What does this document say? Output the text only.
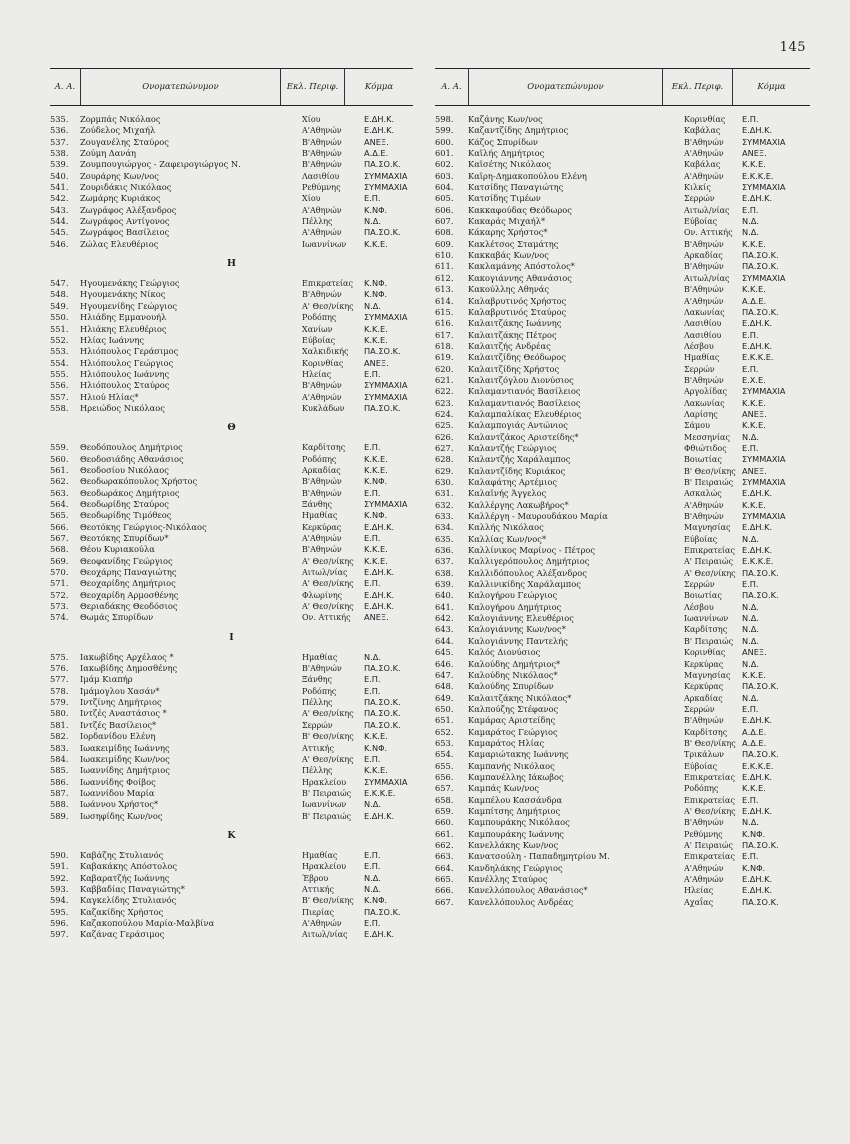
145
Α. Α.	Ονοματεπώνυμον	Εκλ. Περιφ.	Κόμμα
535.	Ζορμπάς Νικόλαος	Χίου	Ε.ΔΗ.Κ.
536.	Ζούδελος Μιχαήλ	Α'Αθηνών	Ε.ΔΗ.Κ.
537.	Ζουγανέλης Σταύρος	Β'Αθηνών	ΑΝΕΞ.
538.	Ζούμη Δανάη	Β'Αθηνών	Α.Δ.Ε.
539.	Ζουμπουγιώργος - Ζαφειρογιώργος Ν.	Β'Αθηνών	ΠΑ.ΣΟ.Κ.
540.	Ζουράρης Κων/νος	Λασιθίου	ΣΥΜΜΑΧΙΑ
541.	Ζουριδάκις Νικόλαος	Ρεθύμνης	ΣΥΜΜΑΧΙΑ
542.	Ζωμάρης Κυριάκος	Χίου	Ε.Π.
543.	Ζωγράφος Αλέξανδρος	Α'Αθηνών	Κ.ΝΦ.
544.	Ζωγράφος Αντίγονος	Πέλλης	Ν.Δ.
545.	Ζωγράφος Βασίλειος	Α'Αθηνών	ΠΑ.ΣΟ.Κ.
546.	Ζώλας Ελευθέριος	Ιωαννίνων	Κ.Κ.Ε.
Η
547.	Ηγουμενάκης Γεώργιος	Επικρατείας	Κ.ΝΦ.
548.	Ηγουμενάκης Νίκος	Β'Αθηνών	Κ.ΝΦ.
549.	Ηγουμενίδης Γεώργιος	Α' Θεσ/νίκης	Ν.Δ.
550.	Ηλιάδης Εμμανουήλ	Ροδόπης	ΣΥΜΜΑΧΙΑ
551.	Ηλιάκης Ελευθέριος	Χανίων	Κ.Κ.Ε.
552.	Ηλίας Ιωάννης	Εύβοίας	Κ.Κ.Ε.
553.	Ηλιόπουλος Γεράσιμος	Χαλκιδικής	ΠΑ.ΣΟ.Κ.
554.	Ηλιόπουλος Γεώργιος	Κορινθίας	ΑΝΕΞ.
555.	Ηλιόπουλος Ιωάννης	Ηλείας	Ε.Π.
556.	Ηλιόπουλος Σταύρος	Β'Αθηνών	ΣΥΜΜΑΧΙΑ
557.	Ηλιού Ηλίας*	Α'Αθηνών	ΣΥΜΜΑΧΙΑ
558.	Ηρειώδος Νικόλαος	Κυκλάδων	ΠΑ.ΣΟ.Κ.
Θ
559.	Θεοδόπουλος Δημήτριος	Καρδίτσης	Ε.Π.
560.	Θεοδοσιάδης Αθανάσιος	Ροδόπης	Κ.Κ.Ε.
561.	Θεοδοσίου Νικόλαος	Αρκαδίας	Κ.Κ.Ε.
562.	Θεοδωρακόπουλος Χρήστος	Β'Αθηνών	Κ.ΝΦ.
563.	Θεοδωράκος Δημήτριος	Β'Αθηνών	Ε.Π.
564.	Θεοδωρίδης Σταύρος	Ξάνθης	ΣΥΜΜΑΧΙΑ
565.	Θεοδωρίδης Τιμόθεος	Ημαθίας	Κ.ΝΦ.
566.	Θεοτόκης Γεώργιος-Νικόλαος	Κερκύρας	Ε.ΔΗ.Κ.
567.	Θεοτόκης Σπυρίδων*	Α'Αθηνών	Ε.Π.
568.	Θέου Κυριακούλα	Β'Αθηνών	Κ.Κ.Ε.
569.	Θεοφανίδης Γεώργιος	Α' Θεσ/νίκης	Κ.Κ.Ε.
570.	Θεοχάρης Παναγιώτης	Αιτωλ/νίας	Ε.ΔΗ.Κ.
571.	Θεοχαρίδης Δημήτριος	Α' Θεσ/νίκης	Ε.Π.
572.	Θεοχαρίδη Αρμοσθένης	Φλωρίνης	Ε.ΔΗ.Κ.
573.	Θεριαδάκης Θεοδόσιος	Α' Θεσ/νίκης	Ε.ΔΗ.Κ.
574.	Θωμάς Σπυρίδων	Ον. Αττικής	ΑΝΕΞ.
Ι
575.	Ιακωβίδης Αρχέλαος *	Ημαθίας	Ν.Δ.
576.	Ιακωβίδης Δημοσθένης	Β'Αθηνών	ΠΑ.ΣΟ.Κ.
577.	Ιμάμ Κιαπήρ	Ξάνθης	Ε.Π.
578.	Ιμάμογλου Χασάν*	Ροδόπης	Ε.Π.
579.	Ιντζίνης Δημήτριος	Πέλλης	ΠΑ.ΣΟ.Κ.
580.	Ιντζές Αναστάσιος *	Α' Θεσ/νίκης	ΠΑ.ΣΟ.Κ.
581.	Ιντζές Βασίλειος*	Σερρών	ΠΑ.ΣΟ.Κ.
582.	Ιορδανίδου Ελένη	Β' Θεσ/νίκης	Κ.Κ.Ε.
583.	Ιωακειμίδης Ιωάννης	Αττικής	Κ.ΝΦ.
584.	Ιωακειμίδης Κων/νος	Α' Θεσ/νίκης	Ε.Π.
585.	Ιωαννίδης Δημήτριος	Πέλλης	Κ.Κ.Ε.
586.	Ιωαννίδης Φοίβος	Ηρακλείου	ΣΥΜΜΑΧΙΑ
587.	Ιωαννίδου Μαρία	Β' Πειραιώς	Ε.Κ.Κ.Ε.
588.	Ιωάννου Χρήστος*	Ιωαννίνων	Ν.Δ.
589.	Ιωσηφίδης Κων/νος	Β' Πειραιώς	Ε.ΔΗ.Κ.
Κ
590.	Καβάζης Στυλιανός	Ημαθίας	Ε.Π.
591.	Καβακάκης Απόστολος	Ηρακλείου	Ε.Π.
592.	Καβαρατζής Ιωάννης	Έβρου	Ν.Δ.
593.	Καββαδίας Παναγιώτης*	Αττικής	Ν.Δ.
594.	Καγκελίδης Στυλιανός	Β' Θεσ/νίκης	Κ.ΝΦ.
595.	Καζακίδης Χρήστος	Πιερίας	ΠΑ.ΣΟ.Κ.
596.	Καζακοπούλου Μαρία-Μαλβίνα	Α'Αθηνών	Ε.Π.
597.	Καζάνας Γεράσιμος	Αιτωλ/νίας	Ε.ΔΗ.Κ.
Α. Α.	Ονοματεπώνυμον	Εκλ. Περιφ.	Κόμμα
598.	Καζάνης Κων/νος	Κορινθίας	Ε.Π.
599.	Καζαντζίδης Δημήτριος	Καβάλας	Ε.ΔΗ.Κ.
600.	Κάζος Σπυρίδων	Β'Αθηνών	ΣΥΜΜΑΧΙΑ
601.	Καϊλής Δημήτριος	Α'Αθηνών	ΑΝΕΞ.
602.	Καϊσέτης Νικόλαος	Καβάλας	Κ.Κ.Ε.
603.	Καϊρη-Δημακοπούλου Ελένη	Α'Αθηνών	Ε.Κ.Κ.Ε.
604.	Κατσίδης Παναγιώτης	Κιλκίς	ΣΥΜΜΑΧΙΑ
605.	Κατσίδης Τιμέων	Σερρών	Ε.ΔΗ.Κ.
606.	Κακκαφούδας Θεόδωρος	Αιτωλ/νίας	Ε.Π.
607.	Κακαράς Μιχαήλ*	Εύβοίας	Ν.Δ.
608.	Κάκαρης Χρήστος*	Ον. Αττικής	Ν.Δ.
609.	Κακλέτσος Σταμάτης	Β'Αθηνών	Κ.Κ.Ε.
610.	Κακκαβάς Κων/νος	Αρκαδίας	ΠΑ.ΣΟ.Κ.
611.	Κακλαμάνης Απόστολος*	Β'Αθηνών	ΠΑ.ΣΟ.Κ.
612.	Κακογιάννης Αθανάσιος	Αιτωλ/νίας	ΣΥΜΜΑΧΙΑ
613.	Κακούλλης Αθηνάς	Β'Αθηνών	Κ.Κ.Ε.
614.	Καλαβρυτινός Χρήστος	Α'Αθηνών	Α.Δ.Ε.
615.	Καλαβρυτινός Σταύρος	Λακωνίας	ΠΑ.ΣΟ.Κ.
616.	Καλαιτζάκης Ιωάννης	Λασιθίου	Ε.ΔΗ.Κ.
617.	Καλαιτζάκης Πέτρος	Λασιθίου	Ε.Π.
618.	Καλαιτζής Ανδρέας	Λέσβου	Ε.ΔΗ.Κ.
619.	Καλαιτζίδης Θεόδωρος	Ημαθίας	Ε.Κ.Κ.Ε.
620.	Καλαιτζίδης Χρήστος	Σερρών	Ε.Π.
621.	Καλαιτζόγλου Διονύσιος	Β'Αθηνών	Ε.Χ.Ε.
622.	Καλαμαντιανός Βασίλειος	Αργολίδας	ΣΥΜΜΑΧΙΑ
623.	Καλαμαντιανός Βασίλειος	Λακωνίας	Κ.Κ.Ε.
624.	Καλαμπαλίκας Ελευθέριος	Λαρίσης	ΑΝΕΞ.
625.	Καλαμπογιάς Αντώνιος	Σάμου	Κ.Κ.Ε.
626.	Καλαντζάκος Αριστείδης*	Μεσσηνίας	Ν.Δ.
627.	Καλαντζής Γεώργιος	Φθιώτιδος	Ε.Π.
628.	Καλαντζής Χαράλαμπος	Βοιωτίας	ΣΥΜΜΑΧΙΑ
629.	Καλαντζίδης Κυριάκος	Β' Θεσ/νίκης ΑΝΕΞ.
630.	Καλαφάτης Αρτέμιος	Β' Πειραιώς	ΣΥΜΜΑΧΙΑ
631.	Καλαϊνής Άγγελος	Ασκαλώς	Ε.ΔΗ.Κ.
632.	Καλλέργης Λακωβήρος*	Α'Αθηνών	Κ.Κ.Ε.
633.	Καλλέργη - Μαυρουδάκου Μαρία	Β'Αθηνών	ΣΥΜΜΑΧΙΑ
634.	Καλλής Νικόλαος	Μαγνησίας	Ε.ΔΗ.Κ.
635.	Καλλίας Κων/νος*	Εύβοίας	Ν.Δ.
636.	Καλλίνικος Μαρίνος - Πέτρος	Επικρατείας Ε.ΔΗ.Κ.
637.	Καλλιγερόπουλος Δημήτριος	Α' Πειραιώς	Ε.Κ.Κ.Ε.
638.	Καλλιδόπουλος Αλέξανδρος	Α' Θεσ/νίκης ΠΑ.ΣΟ.Κ.
639.	Καλλινικίδης Χαράλαμπος	Σερρών	Ε.Π.
640.	Καλογήρου Γεώργιος	Βοιωτίας	ΠΑ.ΣΟ.Κ.
641.	Καλογήρου Δημήτριος	Λέσβου	Ν.Δ.
642.	Καλογιάννης Ελευθέριος	Ιωαννίνων	Ν.Δ.
643.	Καλογιάννης Κων/νος*	Καρδίτσης	Ν.Δ.
644.	Καλογιάννης Παντελής	Β' Πειραιώς	Ν.Δ.
645.	Καλός Διονύσιος	Κορινθίας	ΑΝΕΞ.
646.	Καλούδης Δημήτριος*	Κερκύρας	Ν.Δ.
647.	Καλούδης Νικόλαος*	Μαγνησίας	Κ.Κ.Ε.
648.	Καλούδης Σπυρίδων	Κερκύρας	ΠΑ.ΣΟ.Κ.
649.	Καλαιτζάκης Νικόλαος*	Αρκαδίας	Ν.Δ.
650.	Καλπούζης Στέφανος	Σερρών	Ε.Π.
651.	Καμάρας Αριστείδης	Β'Αθηνών	Ε.ΔΗ.Κ.
652.	Καμαράτος Γεώργιος	Καρδίτσης	Α.Δ.Ε.
653.	Καμαράτος Ηλίας	Β' Θεσ/νίκης Α.Δ.Ε.
654.	Καμαριώτακης Ιωάννης	Τρικάλων	ΠΑ.ΣΟ.Κ.
655.	Καμπανής Νικόλαος	Εύβοίας	Ε.Κ.Κ.Ε.
656.	Καμπανέλλης Ιάκωβος	Επικρατείας Ε.ΔΗ.Κ.
657.	Καμπάς Κων/νος	Ροδόπης	Κ.Κ.Ε.
658.	Καμπέλου Κασσάνδρα	Επικρατείας Ε.Π.
659.	Καμπίτσης Δημήτριος	Α' Θεσ/νίκης Ε.ΔΗ.Κ.
660.	Καμπουράκης Νικόλαος	Β'Αθηνών	Ν.Δ.
661.	Καμπουράκης Ιωάννης	Ρεθύμνης	Κ.ΝΦ.
662.	Κανελλάκης Κων/νος	Α' Πειραιώς	ΠΑ.ΣΟ.Κ.
663.	Κανατσούλη - Παπαδημητρίου Μ.	Επικρατείας Ε.Π.
664.	Κανδηλάκης Γεώργιος	Α'Αθηνών	Κ.ΝΦ.
665.	Κανέλλης Σταύρος	Α'Αθηνών	Ε.ΔΗ.Κ.
666.	Κανελλόπουλος Αθανάσιος*	Ηλείας	Ε.ΔΗ.Κ.
667.	Κανελλόπουλος Ανδρέας	Αχαΐας	ΠΑ.ΣΟ.Κ.
